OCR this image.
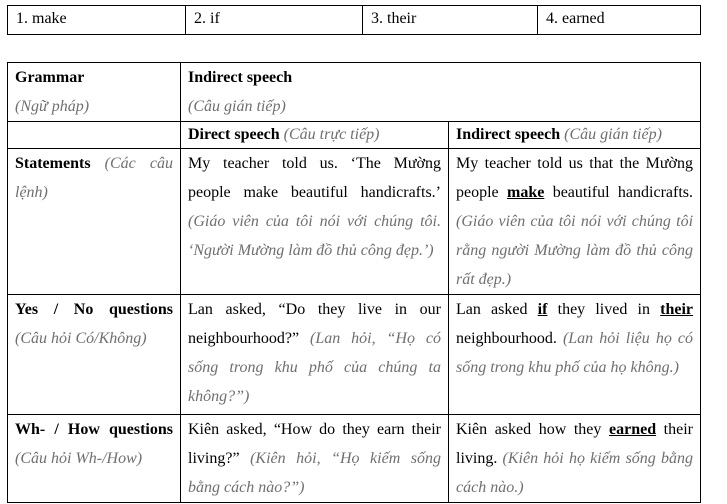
1. make	2. if	3. their	4. earned
Grammar
(Ngữ pháp)

Indirect speech
(Câu gián tiếp)

	Direct speech (Câu trực tiếp)	Indirect speech (Câu gián tiếp)
Statements (Các câu lệnh)	My teacher told us. ‘The Mường people make beautiful handicrafts.’ (Giáo viên của tôi nói với chúng tôi. ‘Người Mường làm đồ thủ công đẹp.’)	My teacher told us that the Mường people make beautiful handicrafts. (Giáo viên của tôi nói với chúng tôi rằng người Mường làm đồ thủ công rất đẹp.)
Yes / No questions (Câu hỏi Có/Không)	Lan asked, “Do they live in our neighbourhood?” (Lan hỏi, “Họ có sống trong khu phố của chúng ta không?”)	Lan asked if they lived in their neighbourhood. (Lan hỏi liệu họ có sống trong khu phố của họ không.)
Wh- / How questions (Câu hỏi Wh-/How)	Kiên asked, “How do they earn their living?” (Kiên hỏi, “Họ kiếm sống bằng cách nào?”)	Kiên asked how they earned their living. (Kiên hỏi họ kiếm sống bằng cách nào.)
